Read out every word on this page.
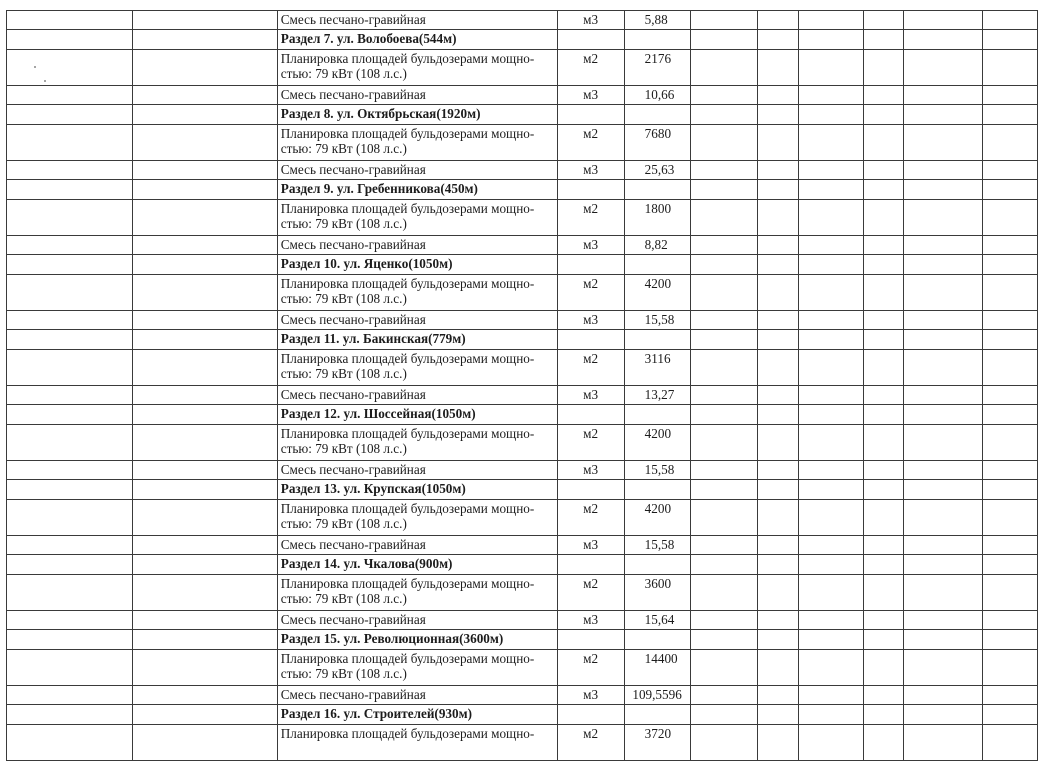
		Смесь песчано-гравийная	м3	5,88						
		Раздел 7. ул. Волобоева(544м)								
		Планировка площадей бульдозерами мощно-стью: 79 кВт (108 л.с.)	м2	2176						
		Смесь песчано-гравийная	м3	10,66						
		Раздел 8. ул. Октябрьская(1920м)								
		Планировка площадей бульдозерами мощно-стью: 79 кВт (108 л.с.)	м2	7680						
		Смесь песчано-гравийная	м3	25,63						
		Раздел 9. ул. Гребенникова(450м)								
		Планировка площадей бульдозерами мощно-стью: 79 кВт (108 л.с.)	м2	1800						
		Смесь песчано-гравийная	м3	8,82						
		Раздел 10. ул. Яценко(1050м)								
		Планировка площадей бульдозерами мощно-стью: 79 кВт (108 л.с.)	м2	4200						
		Смесь песчано-гравийная	м3	15,58						
		Раздел 11. ул. Бакинская(779м)								
		Планировка площадей бульдозерами мощно-стью: 79 кВт (108 л.с.)	м2	3116						
		Смесь песчано-гравийная	м3	13,27						
		Раздел 12. ул. Шоссейная(1050м)								
		Планировка площадей бульдозерами мощно-стью: 79 кВт (108 л.с.)	м2	4200						
		Смесь песчано-гравийная	м3	15,58						
		Раздел 13. ул. Крупская(1050м)								
		Планировка площадей бульдозерами мощно-стью: 79 кВт (108 л.с.)	м2	4200						
		Смесь песчано-гравийная	м3	15,58						
		Раздел 14. ул. Чкалова(900м)								
		Планировка площадей бульдозерами мощно-стью: 79 кВт (108 л.с.)	м2	3600						
		Смесь песчано-гравийная	м3	15,64						
		Раздел 15. ул. Революционная(3600м)								
		Планировка площадей бульдозерами мощно-стью: 79 кВт (108 л.с.)	м2	14400						
		Смесь песчано-гравийная	м3	109,5596						
		Раздел 16. ул. Строителей(930м)								
		Планировка площадей бульдозерами мощно-	м2	3720						
